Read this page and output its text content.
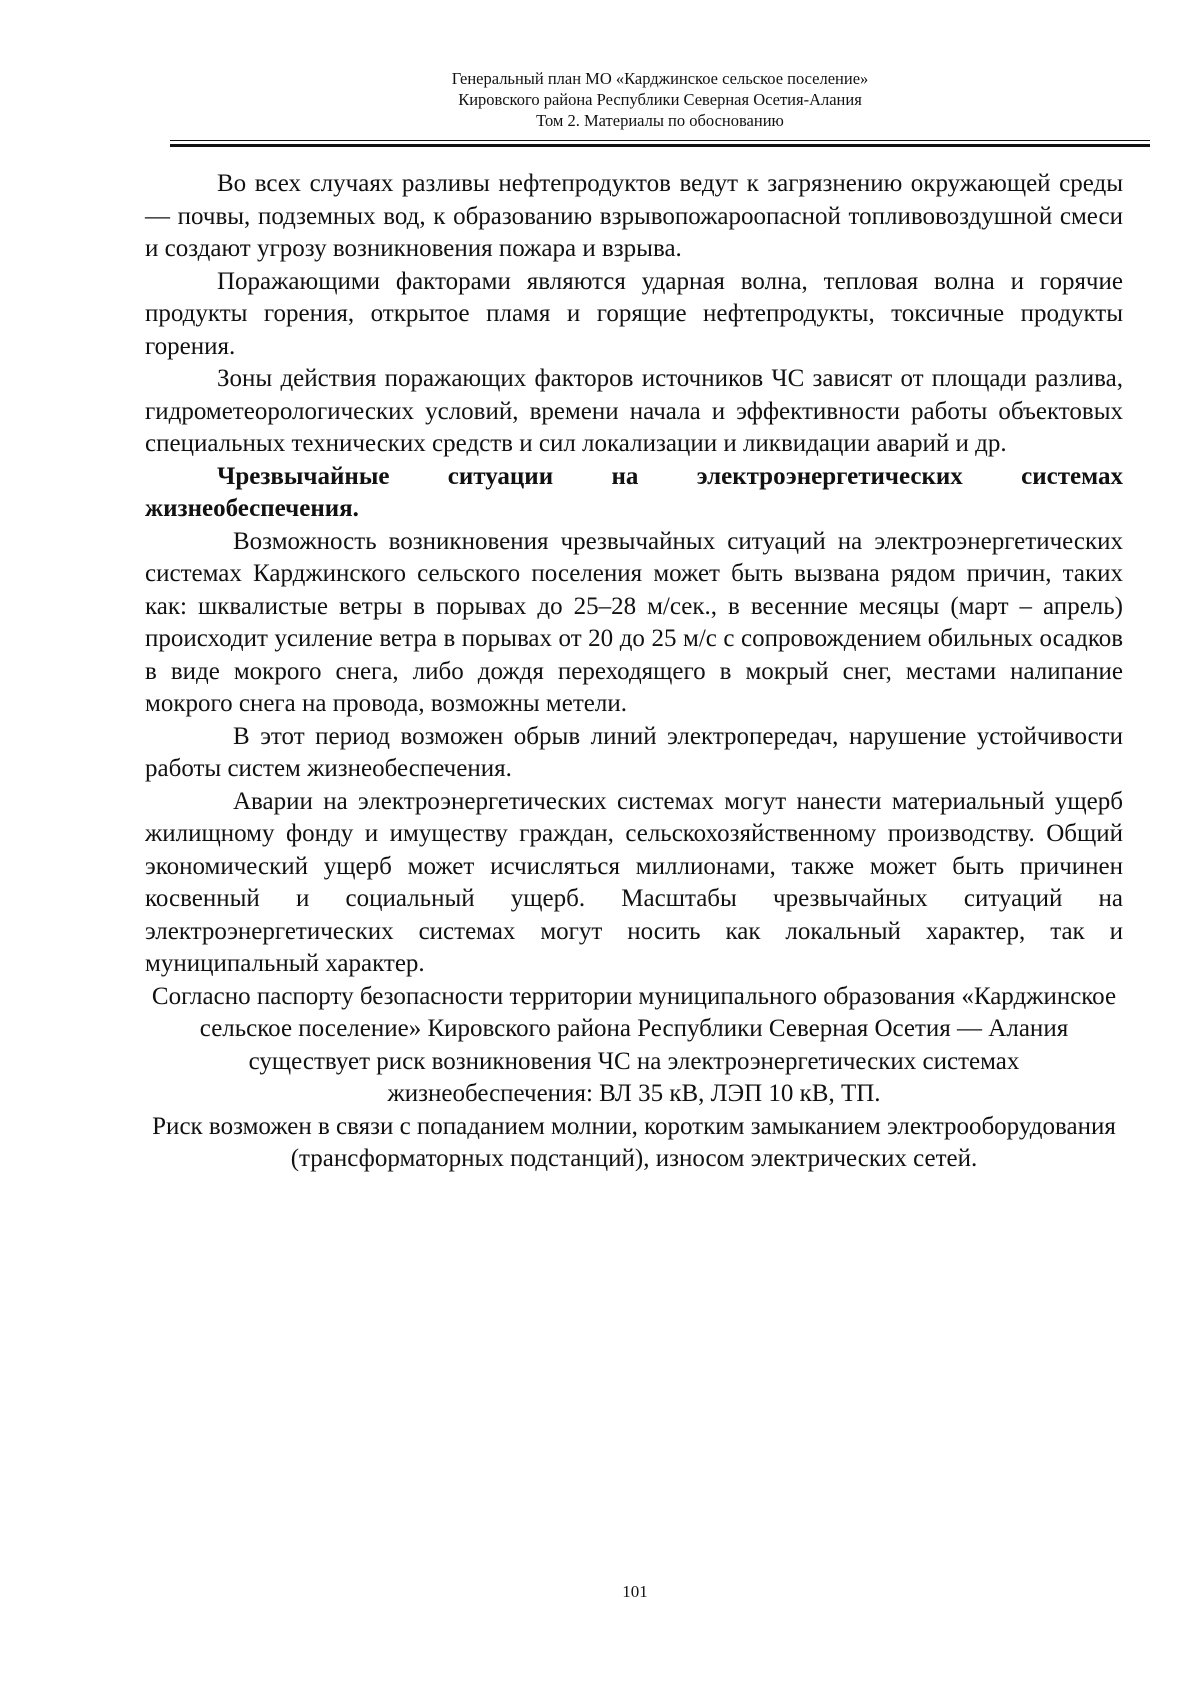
Генеральный план МО «Карджинское сельское поселение»
Кировского района Республики Северная Осетия-Алания
Том 2. Материалы по обоснованию

Во всех случаях разливы нефтепродуктов ведут к загрязнению окружающей среды — почвы, подземных вод, к образованию взрывопожароопасной топливовоздушной смеси и создают угрозу возникновения пожара и взрыва.

Поражающими факторами являются ударная волна, тепловая волна и горячие продукты горения, открытое пламя и горящие нефтепродукты, токсичные продукты горения.

Зоны действия поражающих факторов источников ЧС зависят от площади разлива, гидрометеорологических условий, времени начала и эффективности работы объектовых специальных технических средств и сил локализации и ликвидации аварий и др.

Чрезвычайные ситуации на электроэнергетических системах жизнеобеспечения.

Возможность возникновения чрезвычайных ситуаций на электроэнергетических системах Карджинского сельского поселения может быть вызвана рядом причин, таких как: шквалистые ветры в порывах до 25–28 м/сек., в весенние месяцы (март – апрель) происходит усиление ветра в порывах от 20 до 25 м/с с сопровождением обильных осадков в виде мокрого снега, либо дождя переходящего в мокрый снег, местами налипание мокрого снега на провода, возможны метели.

В этот период возможен обрыв линий электропередач, нарушение устойчивости работы систем жизнеобеспечения.

Аварии на электроэнергетических системах могут нанести материальный ущерб жилищному фонду и имуществу граждан, сельскохозяйственному производству. Общий экономический ущерб может исчисляться миллионами, также может быть причинен косвенный и социальный ущерб. Масштабы чрезвычайных ситуаций на электроэнергетических системах могут носить как локальный характер, так и муниципальный характер.

Согласно паспорту безопасности территории муниципального образования «Карджинское сельское поселение» Кировского района Республики Северная Осетия — Алания существует риск возникновения ЧС на электроэнергетических системах жизнеобеспечения: ВЛ 35 кВ, ЛЭП 10 кВ, ТП.

Риск возможен в связи с попаданием молнии, коротким замыканием электрооборудования (трансформаторных подстанций), износом электрических сетей.

101
